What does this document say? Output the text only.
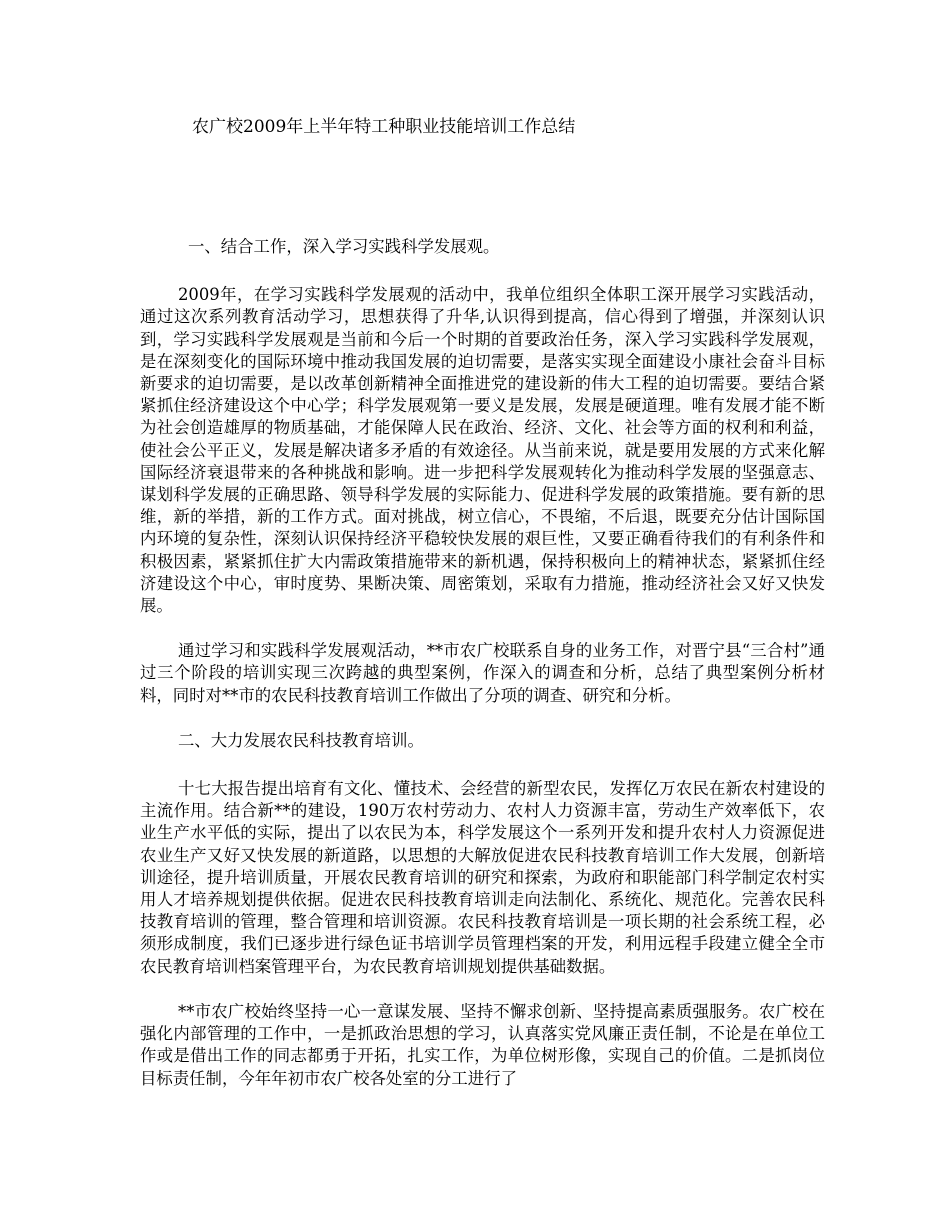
农广校2009年上半年特工种职业技能培训工作总结
一、结合工作，深入学习实践科学发展观。

2009年，在学习实践科学发展观的活动中，我单位组织全体职工深开展学习实践活动，通过这次系列教育活动学习，思想获得了升华,认识得到提高，信心得到了增强，并深刻认识到，学习实践科学发展观是当前和今后一个时期的首要政治任务，深入学习实践科学发展观，是在深刻变化的国际环境中推动我国发展的迫切需要，是落实实现全面建设小康社会奋斗目标新要求的迫切需要，是以改革创新精神全面推进党的建设新的伟大工程的迫切需要。要结合紧紧抓住经济建设这个中心学；科学发展观第一要义是发展，发展是硬道理。唯有发展才能不断为社会创造雄厚的物质基础，才能保障人民在政治、经济、文化、社会等方面的权利和利益，使社会公平正义，发展是解决诸多矛盾的有效途径。从当前来说，就是要用发展的方式来化解国际经济衰退带来的各种挑战和影响。进一步把科学发展观转化为推动科学发展的坚强意志、谋划科学发展的正确思路、领导科学发展的实际能力、促进科学发展的政策措施。要有新的思维，新的举措，新的工作方式。面对挑战，树立信心，不畏缩，不后退，既要充分估计国际国内环境的复杂性，深刻认识保持经济平稳较快发展的艰巨性，又要正确看待我们的有利条件和积极因素，紧紧抓住扩大内需政策措施带来的新机遇，保持积极向上的精神状态，紧紧抓住经济建设这个中心，审时度势、果断决策、周密策划，采取有力措施，推动经济社会又好又快发展。

通过学习和实践科学发展观活动，**市农广校联系自身的业务工作，对晋宁县“三合村”通过三个阶段的培训实现三次跨越的典型案例，作深入的调查和分析，总结了典型案例分析材料，同时对**市的农民科技教育培训工作做出了分项的调查、研究和分析。

二、大力发展农民科技教育培训。

十七大报告提出培育有文化、懂技术、会经营的新型农民，发挥亿万农民在新农村建设的主流作用。结合新**的建设，190万农村劳动力、农村人力资源丰富，劳动生产效率低下，农业生产水平低的实际，提出了以农民为本，科学发展这个一系列开发和提升农村人力资源促进农业生产又好又快发展的新道路，以思想的大解放促进农民科技教育培训工作大发展，创新培训途径，提升培训质量，开展农民教育培训的研究和探索，为政府和职能部门科学制定农村实用人才培养规划提供依据。促进农民科技教育培训走向法制化、系统化、规范化。完善农民科技教育培训的管理，整合管理和培训资源。农民科技教育培训是一项长期的社会系统工程，必须形成制度，我们已逐步进行绿色证书培训学员管理档案的开发，利用远程手段建立健全全市农民教育培训档案管理平台，为农民教育培训规划提供基础数据。

**市农广校始终坚持一心一意谋发展、坚持不懈求创新、坚持提高素质强服务。农广校在强化内部管理的工作中，一是抓政治思想的学习，认真落实党风廉正责任制，不论是在单位工作或是借出工作的同志都勇于开拓，扎实工作，为单位树形像，实现自己的价值。二是抓岗位目标责任制，今年年初市农广校各处室的分工进行了
